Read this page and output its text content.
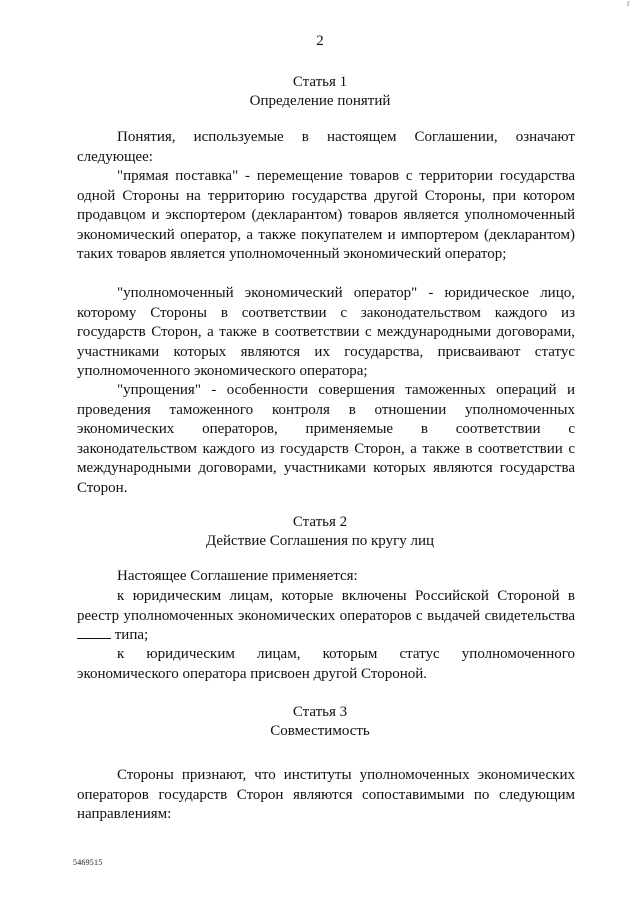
r
2
Статья 1
Определение понятий

Понятия, используемые в настоящем Соглашении, означают следующее:

"прямая поставка" - перемещение товаров с территории государства одной Стороны на территорию государства другой Стороны, при котором продавцом и экспортером (декларантом) товаров является уполномоченный экономический оператор, а также покупателем и импортером (декларантом) таких товаров является уполномоченный экономический оператор;

"уполномоченный экономический оператор" - юридическое лицо, которому Стороны в соответствии с законодательством каждого из государств Сторон, а также в соответствии с международными договорами, участниками которых являются их государства, присваивают статус уполномоченного экономического оператора;

"упрощения" - особенности совершения таможенных операций и проведения таможенного контроля в отношении уполномоченных экономических операторов, применяемые в соответствии с законодательством каждого из государств Сторон, а также в соответствии с международными договорами, участниками которых являются государства Сторон.

Статья 2
Действие Соглашения по кругу лиц

Настоящее Соглашение применяется:

к юридическим лицам, которые включены Российской Стороной в реестр уполномоченных экономических операторов с выдачей свидетельства  типа;

к юридическим лицам, которым статус уполномоченного экономического оператора присвоен другой Стороной.

Статья 3
Совместимость

Стороны признают, что институты уполномоченных экономических операторов государств Сторон являются сопоставимыми по следующим направлениям:

5469515
